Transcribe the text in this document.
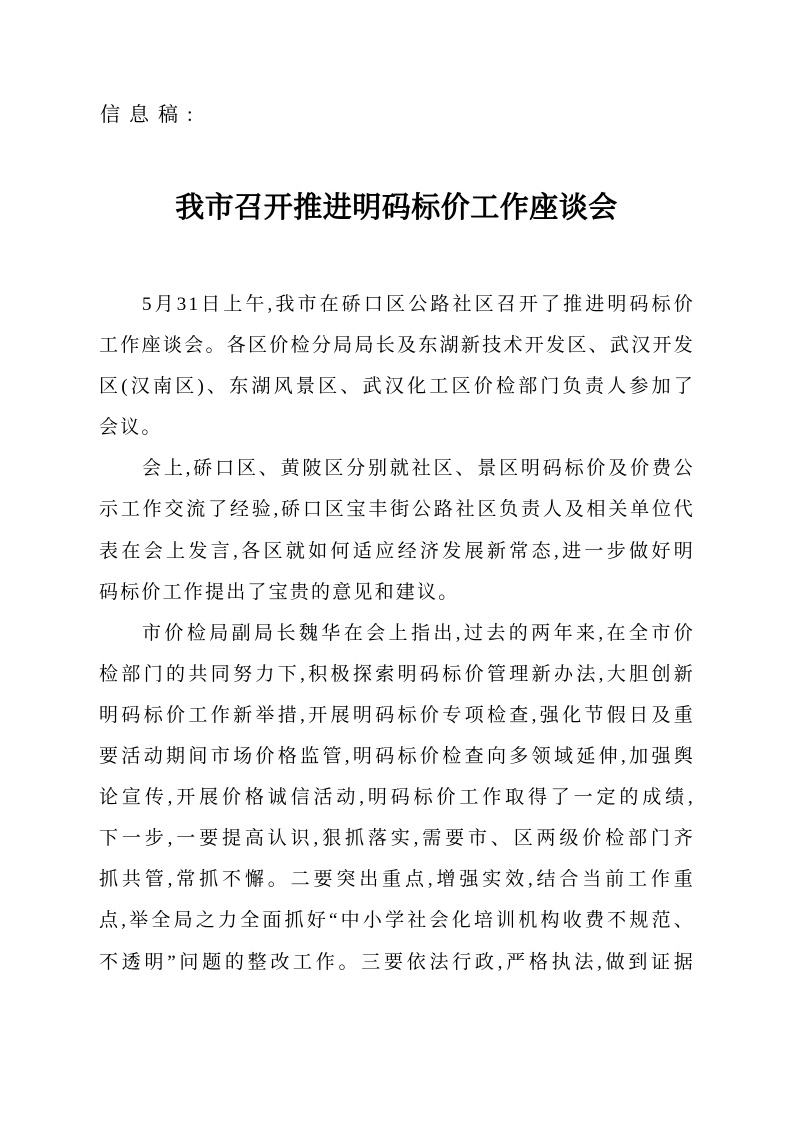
信息稿:
我市召开推进明码标价工作座谈会
5月31日上午,我市在硚口区公路社区召开了推进明码标价
工作座谈会。各区价检分局局长及东湖新技术开发区、武汉开发
区(汉南区)、东湖风景区、武汉化工区价检部门负责人参加了
会议。
会上,硚口区、黄陂区分别就社区、景区明码标价及价费公
示工作交流了经验,硚口区宝丰街公路社区负责人及相关单位代
表在会上发言,各区就如何适应经济发展新常态,进一步做好明
码标价工作提出了宝贵的意见和建议。
市价检局副局长魏华在会上指出,过去的两年来,在全市价
检部门的共同努力下,积极探索明码标价管理新办法,大胆创新
明码标价工作新举措,开展明码标价专项检查,强化节假日及重
要活动期间市场价格监管,明码标价检查向多领域延伸,加强舆
论宣传,开展价格诚信活动,明码标价工作取得了一定的成绩,
下一步,一要提高认识,狠抓落实,需要市、区两级价检部门齐
抓共管,常抓不懈。二要突出重点,增强实效,结合当前工作重
点,举全局之力全面抓好“中小学社会化培训机构收费不规范、
不透明”问题的整改工作。三要依法行政,严格执法,做到证据
